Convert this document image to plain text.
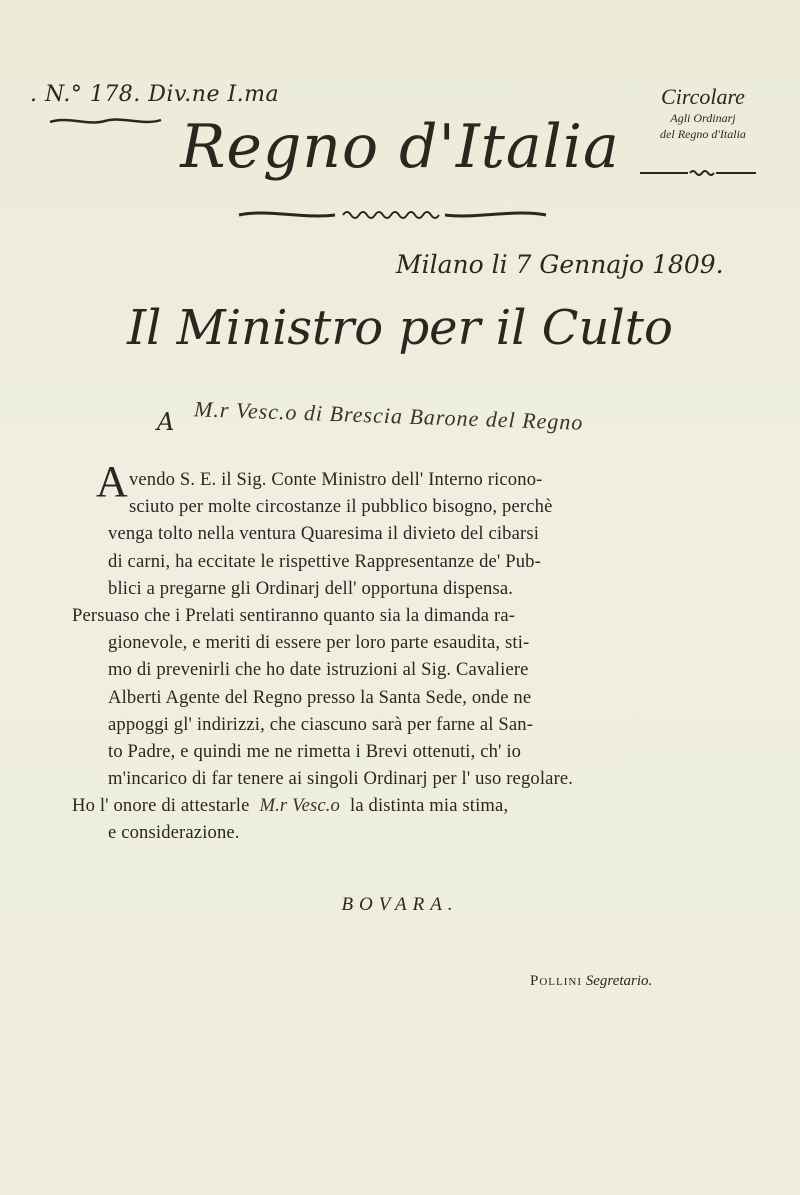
. N.° 178. Div.ne I.ma	Circolare
Agli Ordinarj
del Regno d'Italia
Regno d'Italia
Milano li 7 Gennajo 1809.
Il Ministro per il Culto
A M.r Vesc.o di Brescia Barone del Regno
Avendo S. E. il Sig. Conte Ministro dell' Interno ricono-
sciuto per molte circostanze il pubblico bisogno, perchè
venga tolto nella ventura Quaresima il divieto del cibarsi
di carni, ha eccitate le rispettive Rappresentanze de' Pub-
blici a pregarne gli Ordinarj dell' opportuna dispensa.
Persuaso che i Prelati sentiranno quanto sia la dimanda ra-
gionevole, e meriti di essere per loro parte esaudita, sti-
mo di prevenirli che ho date istruzioni al Sig. Cavaliere
Alberti Agente del Regno presso la Santa Sede, onde ne
appoggi gl' indirizzi, che ciascuno sarà per farne al San-
to Padre, e quindi me ne rimetta i Brevi ottenuti, ch' io
m'incarico di far tenere ai singoli Ordinarj per l' uso regolare.
Ho l' onore di attestarle M.r Vesc.o la distinta mia stima,
e considerazione.
BOVARA.
Pollini Segretario.
